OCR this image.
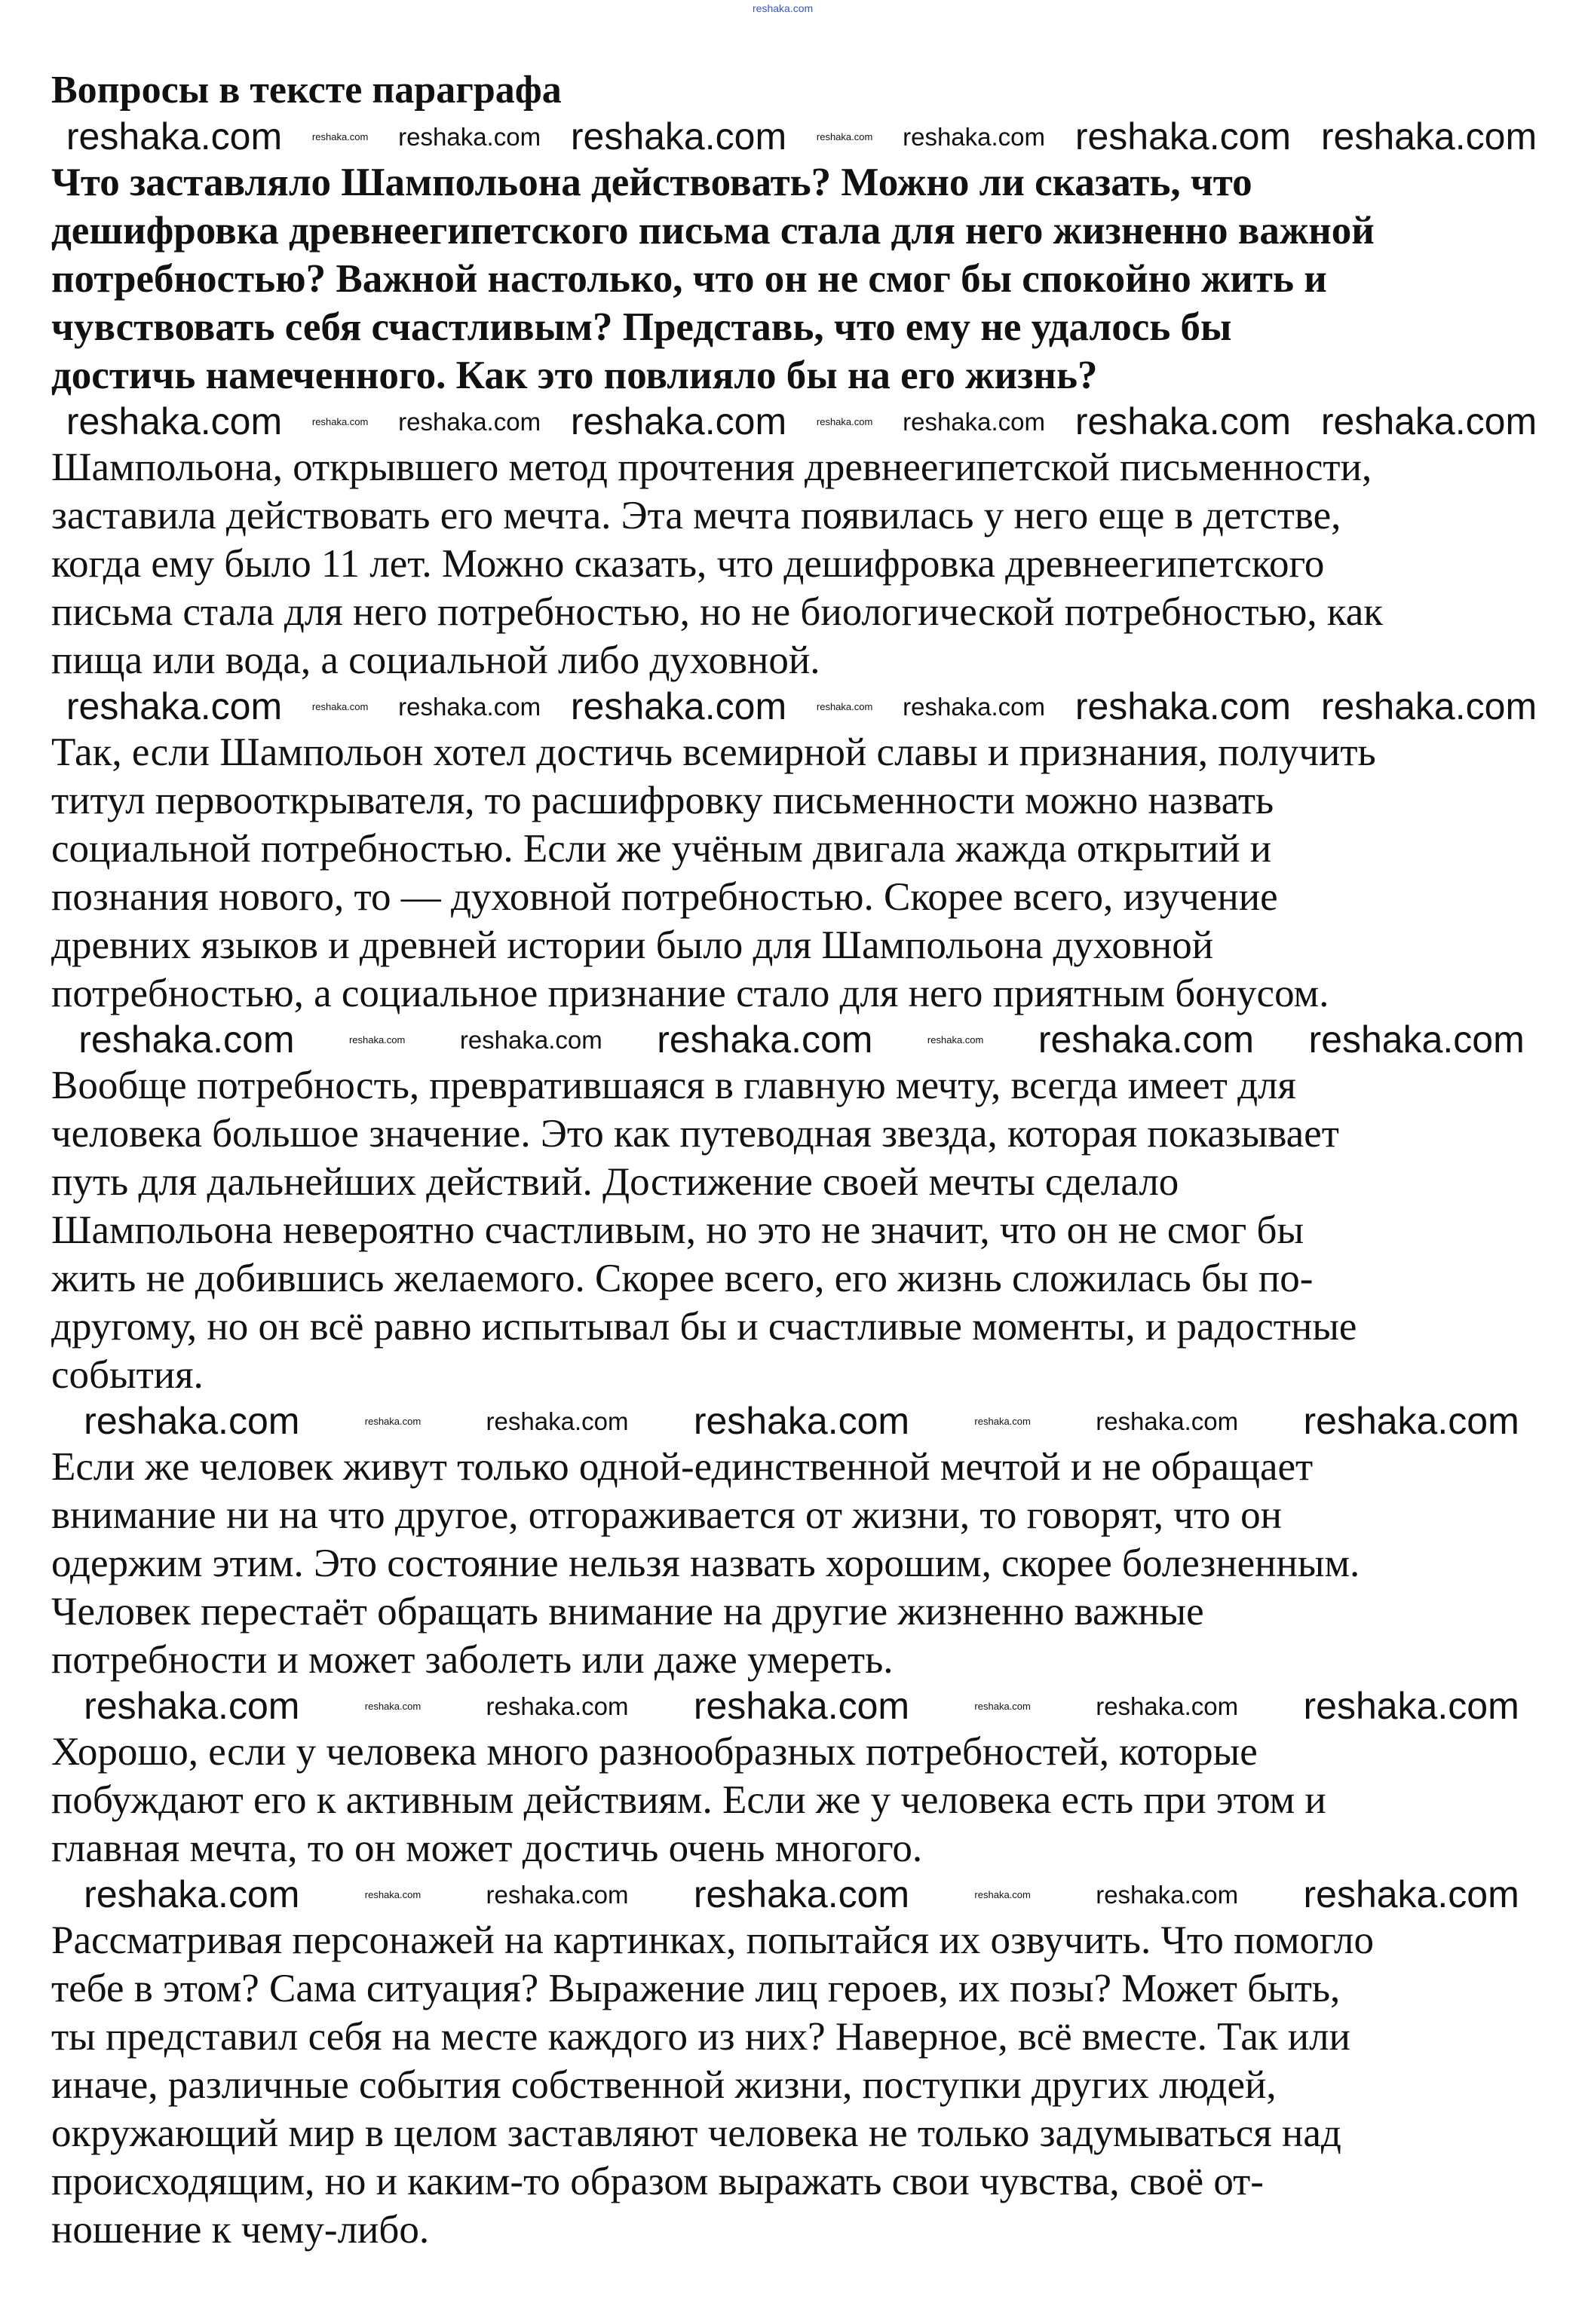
reshaka.com
Вопросы в тексте параграфа
reshaka.com	reshaka.com reshaka.com reshaka.com	reshaka.com reshaka.com reshaka.com reshaka.com
Что заставляло Шампольона действовать? Можно ли сказать, что
дешифровка древнеегипетского письма стала для него жизненно важной
потребностью? Важной настолько, что он не смог бы спокойно жить и
чувствовать себя счастливым? Представь, что ему не удалось бы
достичь намеченного. Как это повлияло бы на его жизнь?
reshaka.com	reshaka.com reshaka.com reshaka.com	reshaka.com reshaka.com reshaka.com reshaka.com
Шампольона, открывшего метод прочтения древнеегипетской письменности,
заставила действовать его мечта. Эта мечта появилась у него еще в детстве,
когда ему было 11 лет. Можно сказать, что дешифровка древнеегипетского
письма стала для него потребностью, но не биологической потребностью, как
пища или вода, а социальной либо духовной.
reshaka.com	reshaka.com reshaka.com reshaka.com	reshaka.com reshaka.com reshaka.com reshaka.com
Так, если Шампольон хотел достичь всемирной славы и признания, получить
титул первооткрывателя, то расшифровку письменности можно назвать
социальной потребностью. Если же учёным двигала жажда открытий и
познания нового, то — духовной потребностью. Скорее всего, изучение
древних языков и древней истории было для Шампольона духовной
потребностью, а социальное признание стало для него приятным бонусом.
reshaka.com	reshaka.com reshaka.com reshaka.com	reshaka.com reshaka.com reshaka.com
Вообще потребность, превратившаяся в главную мечту, всегда имеет для
человека большое значение. Это как путеводная звезда, которая показывает
путь для дальнейших действий. Достижение своей мечты сделало
Шампольона невероятно счастливым, но это не значит, что он не смог бы
жить не добившись желаемого. Скорее всего, его жизнь сложилась бы по-
другому, но он всё равно испытывал бы и счастливые моменты, и радостные
события.
reshaka.com	reshaka.com	reshaka.com reshaka.com	reshaka.com	reshaka.com reshaka.com
Если же человек живут только одной-единственной мечтой и не обращает
внимание ни на что другое, отгораживается от жизни, то говорят, что он
одержим этим. Это состояние нельзя назвать хорошим, скорее болезненным.
Человек перестаёт обращать внимание на другие жизненно важные
потребности и может заболеть или даже умереть.
reshaka.com	reshaka.com	reshaka.com reshaka.com	reshaka.com	reshaka.com reshaka.com
Хорошо, если у человека много разнообразных потребностей, которые
побуждают его к активным действиям. Если же у человека есть при этом и
главная мечта, то он может достичь очень многого.
reshaka.com	reshaka.com	reshaka.com reshaka.com	reshaka.com	reshaka.com reshaka.com
Рассматривая персонажей на картинках, попытайся их озвучить. Что помогло
тебе в этом? Сама ситуация? Выражение лиц героев, их позы? Может быть,
ты представил себя на месте каждого из них? Наверное, всё вместе. Так или
иначе, различные события собственной жизни, поступки других людей,
окружающий мир в целом заставляют человека не только задумываться над
происходящим, но и каким-то образом выражать свои чувства, своё от-
ношение к чему-либо.
